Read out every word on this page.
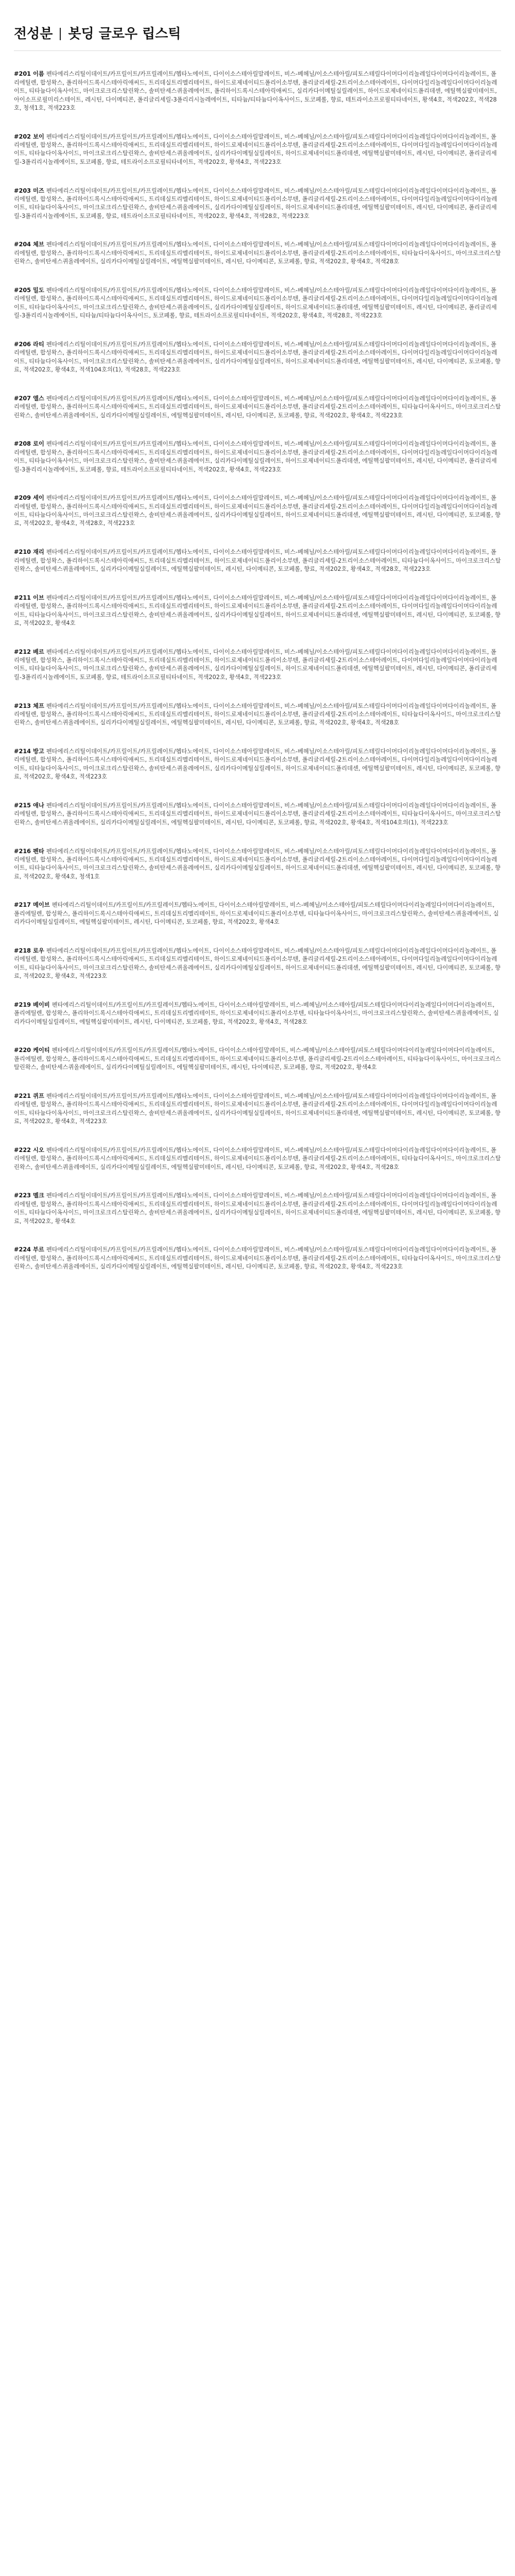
전성분 봇딩 글로우 립스틱

#201 이름 펜타에리스리틸이데이트/카프릴이트/카프릴레이트/헵타노에이트, 다이이소스테아릴말레이트, 비스-베헤닐/이소스테아릴/피토스테릴다이머다이리놀레일다이머다이리놀레이트, 폴리에틸렌, 합성왁스, 폴리하이드록시스테아릭애씨드, 트리데실트리멜리테이트, 하이드로제네이티드폴리이소부텐, 폴리글리세릴-2트리이소스테아레이트, 다이머다일리놀레일다이머다이리놀레이트, 티타늄다이옥사이드, 마이크로크리스탈린왁스, 솔비탄세스퀴올레에이트, 폴리하이드록시스테아릭애씨드, 실리카다이메틸실릴레이트, 하이드로제네이티드폴리데센, 에틸헥실팔미테이트, 아이소프로필미리스테이트, 레시틴, 다이메티콘, 폴리글리세릴-3폴리리시놀레에이트, 티타늄/티타늄다이옥사이드, 토코페롤, 향료, 테트라이소프로필티타네이트, 황색4호, 적색202호, 적색28호, 청색1호, 적색223호

#202 보이 펜타에리스리틸이데이트/카프릴이트/카프릴레이트/헵타노에이트, 다이이소스테아릴말레이트, 비스-베헤닐/이소스테아릴/피토스테릴다이머다이리놀레일다이머다이리놀레이트, 폴리에틸렌, 합성왁스, 폴리하이드록시스테아릭애씨드, 트리데실트리멜리테이트, 하이드로제네이티드폴리이소부텐, 폴리글리세릴-2트리이소스테아레이트, 다이머다일리놀레일다이머다이리놀레이트, 티타늄다이옥사이드, 마이크로크리스탈린왁스, 솔비탄세스퀴올레에이트, 실리카다이메틸실릴레이트, 하이드로제네이티드폴리데센, 에틸헥실팔미테이트, 레시틴, 다이메티콘, 폴리글리세릴-3폴리리시놀레에이트, 토코페롤, 향료, 테트라이소프로필티타네이트, 적색202호, 황색4호, 적색223호

#203 미즈 펜타에리스리틸이데이트/카프릴이트/카프릴레이트/헵타노에이트, 다이이소스테아릴말레이트, 비스-베헤닐/이소스테아릴/피토스테릴다이머다이리놀레일다이머다이리놀레이트, 폴리에틸렌, 합성왁스, 폴리하이드록시스테아릭애씨드, 트리데실트리멜리테이트, 하이드로제네이티드폴리이소부텐, 폴리글리세릴-2트리이소스테아레이트, 다이머다일리놀레일다이머다이리놀레이트, 티타늄다이옥사이드, 마이크로크리스탈린왁스, 솔비탄세스퀴올레에이트, 실리카다이메틸실릴레이트, 하이드로제네이티드폴리데센, 에틸헥실팔미테이트, 레시틴, 다이메티콘, 폴리글리세릴-3폴리리시놀레에이트, 토코페롤, 향료, 테트라이소프로필티타네이트, 적색202호, 황색4호, 적색28호, 적색223호

#204 체브 펜타에리스리틸이데이트/카프릴이트/카프릴레이트/헵타노에이트, 다이이소스테아릴말레이트, 비스-베헤닐/이소스테아릴/피토스테릴다이머다이리놀레일다이머다이리놀레이트, 폴리에틸렌, 합성왁스, 폴리하이드록시스테아릭애씨드, 트리데실트리멜리테이트, 하이드로제네이티드폴리이소부텐, 폴리글리세릴-2트리이소스테아레이트, 티타늄다이옥사이드, 마이크로크리스탈린왁스, 솔비탄세스퀴올레에이트, 실리카다이메틸실릴레이트, 에틸헥실팔미테이트, 레시틴, 다이메티콘, 토코페롤, 향료, 적색202호, 황색4호, 적색28호

#205 밀도 펜타에리스리틸이데이트/카프릴이트/카프릴레이트/헵타노에이트, 다이이소스테아릴말레이트, 비스-베헤닐/이소스테아릴/피토스테릴다이머다이리놀레일다이머다이리놀레이트, 폴리에틸렌, 합성왁스, 폴리하이드록시스테아릭애씨드, 트리데실트리멜리테이트, 하이드로제네이티드폴리이소부텐, 폴리글리세릴-2트리이소스테아레이트, 다이머다일리놀레일다이머다이리놀레이트, 티타늄다이옥사이드, 마이크로크리스탈린왁스, 솔비탄세스퀴올레에이트, 실리카다이메틸실릴레이트, 하이드로제네이티드폴리데센, 에틸헥실팔미테이트, 레시틴, 다이메티콘, 폴리글리세릴-3폴리리시놀레에이트, 티타늄/티타늄다이옥사이드, 토코페롤, 향료, 테트라이소프로필티타네이트, 적색202호, 황색4호, 적색28호, 적색223호

#206 라티 펜타에리스리틸이데이트/카프릴이트/카프릴레이트/헵타노에이트, 다이이소스테아릴말레이트, 비스-베헤닐/이소스테아릴/피토스테릴다이머다이리놀레일다이머다이리놀레이트, 폴리에틸렌, 합성왁스, 폴리하이드록시스테아릭애씨드, 트리데실트리멜리테이트, 하이드로제네이티드폴리이소부텐, 폴리글리세릴-2트리이소스테아레이트, 다이머다일리놀레일다이머다이리놀레이트, 티타늄다이옥사이드, 마이크로크리스탈린왁스, 솔비탄세스퀴올레에이트, 실리카다이메틸실릴레이트, 하이드로제네이티드폴리데센, 에틸헥실팔미테이트, 레시틴, 다이메티콘, 토코페롤, 향료, 적색202호, 황색4호, 적색104호의(1), 적색28호, 적색223호

#207 앨스 펜타에리스리틸이데이트/카프릴이트/카프릴레이트/헵타노에이트, 다이이소스테아릴말레이트, 비스-베헤닐/이소스테아릴/피토스테릴다이머다이리놀레일다이머다이리놀레이트, 폴리에틸렌, 합성왁스, 폴리하이드록시스테아릭애씨드, 트리데실트리멜리테이트, 하이드로제네이티드폴리이소부텐, 폴리글리세릴-2트리이소스테아레이트, 티타늄다이옥사이드, 마이크로크리스탈린왁스, 솔비탄세스퀴올레에이트, 실리카다이메틸실릴레이트, 에틸헥실팔미테이트, 레시틴, 다이메티콘, 토코페롤, 향료, 적색202호, 황색4호, 적색223호

#208 로이 펜타에리스리틸이데이트/카프릴이트/카프릴레이트/헵타노에이트, 다이이소스테아릴말레이트, 비스-베헤닐/이소스테아릴/피토스테릴다이머다이리놀레일다이머다이리놀레이트, 폴리에틸렌, 합성왁스, 폴리하이드록시스테아릭애씨드, 트리데실트리멜리테이트, 하이드로제네이티드폴리이소부텐, 폴리글리세릴-2트리이소스테아레이트, 다이머다일리놀레일다이머다이리놀레이트, 티타늄다이옥사이드, 마이크로크리스탈린왁스, 솔비탄세스퀴올레에이트, 실리카다이메틸실릴레이트, 하이드로제네이티드폴리데센, 에틸헥실팔미테이트, 레시틴, 다이메티콘, 폴리글리세릴-3폴리리시놀레에이트, 토코페롤, 향료, 테트라이소프로필티타네이트, 적색202호, 황색4호, 적색223호

#209 세이 펜타에리스리틸이데이트/카프릴이트/카프릴레이트/헵타노에이트, 다이이소스테아릴말레이트, 비스-베헤닐/이소스테아릴/피토스테릴다이머다이리놀레일다이머다이리놀레이트, 폴리에틸렌, 합성왁스, 폴리하이드록시스테아릭애씨드, 트리데실트리멜리테이트, 하이드로제네이티드폴리이소부텐, 폴리글리세릴-2트리이소스테아레이트, 다이머다일리놀레일다이머다이리놀레이트, 티타늄다이옥사이드, 마이크로크리스탈린왁스, 솔비탄세스퀴올레에이트, 실리카다이메틸실릴레이트, 하이드로제네이티드폴리데센, 에틸헥실팔미테이트, 레시틴, 다이메티콘, 토코페롤, 향료, 적색202호, 황색4호, 적색28호, 적색223호

#210 재리 펜타에리스리틸이데이트/카프릴이트/카프릴레이트/헵타노에이트, 다이이소스테아릴말레이트, 비스-베헤닐/이소스테아릴/피토스테릴다이머다이리놀레일다이머다이리놀레이트, 폴리에틸렌, 합성왁스, 폴리하이드록시스테아릭애씨드, 트리데실트리멜리테이트, 하이드로제네이티드폴리이소부텐, 폴리글리세릴-2트리이소스테아레이트, 티타늄다이옥사이드, 마이크로크리스탈린왁스, 솔비탄세스퀴올레에이트, 실리카다이메틸실릴레이트, 에틸헥실팔미테이트, 레시틴, 다이메티콘, 토코페롤, 향료, 적색202호, 황색4호, 적색28호, 적색223호

#211 이브 펜타에리스리틸이데이트/카프릴이트/카프릴레이트/헵타노에이트, 다이이소스테아릴말레이트, 비스-베헤닐/이소스테아릴/피토스테릴다이머다이리놀레일다이머다이리놀레이트, 폴리에틸렌, 합성왁스, 폴리하이드록시스테아릭애씨드, 트리데실트리멜리테이트, 하이드로제네이티드폴리이소부텐, 폴리글리세릴-2트리이소스테아레이트, 다이머다일리놀레일다이머다이리놀레이트, 티타늄다이옥사이드, 마이크로크리스탈린왁스, 솔비탄세스퀴올레에이트, 실리카다이메틸실릴레이트, 하이드로제네이티드폴리데센, 에틸헥실팔미테이트, 레시틴, 다이메티콘, 토코페롤, 향료, 적색202호, 황색4호

#212 베르 펜타에리스리틸이데이트/카프릴이트/카프릴레이트/헵타노에이트, 다이이소스테아릴말레이트, 비스-베헤닐/이소스테아릴/피토스테릴다이머다이리놀레일다이머다이리놀레이트, 폴리에틸렌, 합성왁스, 폴리하이드록시스테아릭애씨드, 트리데실트리멜리테이트, 하이드로제네이티드폴리이소부텐, 폴리글리세릴-2트리이소스테아레이트, 다이머다일리놀레일다이머다이리놀레이트, 티타늄다이옥사이드, 마이크로크리스탈린왁스, 솔비탄세스퀴올레에이트, 실리카다이메틸실릴레이트, 하이드로제네이티드폴리데센, 에틸헥실팔미테이트, 레시틴, 다이메티콘, 폴리글리세릴-3폴리리시놀레에이트, 토코페롤, 향료, 테트라이소프로필티타네이트, 적색202호, 황색4호, 적색223호

#213 체프 펜타에리스리틸이데이트/카프릴이트/카프릴레이트/헵타노에이트, 다이이소스테아릴말레이트, 비스-베헤닐/이소스테아릴/피토스테릴다이머다이리놀레일다이머다이리놀레이트, 폴리에틸렌, 합성왁스, 폴리하이드록시스테아릭애씨드, 트리데실트리멜리테이트, 하이드로제네이티드폴리이소부텐, 폴리글리세릴-2트리이소스테아레이트, 티타늄다이옥사이드, 마이크로크리스탈린왁스, 솔비탄세스퀴올레에이트, 실리카다이메틸실릴레이트, 에틸헥실팔미테이트, 레시틴, 다이메티콘, 토코페롤, 향료, 적색202호, 황색4호, 적색28호

#214 방고 펜타에리스리틸이데이트/카프릴이트/카프릴레이트/헵타노에이트, 다이이소스테아릴말레이트, 비스-베헤닐/이소스테아릴/피토스테릴다이머다이리놀레일다이머다이리놀레이트, 폴리에틸렌, 합성왁스, 폴리하이드록시스테아릭애씨드, 트리데실트리멜리테이트, 하이드로제네이티드폴리이소부텐, 폴리글리세릴-2트리이소스테아레이트, 다이머다일리놀레일다이머다이리놀레이트, 티타늄다이옥사이드, 마이크로크리스탈린왁스, 솔비탄세스퀴올레에이트, 실리카다이메틸실릴레이트, 하이드로제네이티드폴리데센, 에틸헥실팔미테이트, 레시틴, 다이메티콘, 토코페롤, 향료, 적색202호, 황색4호, 적색223호

#215 애나 펜타에리스리틸이데이트/카프릴이트/카프릴레이트/헵타노에이트, 다이이소스테아릴말레이트, 비스-베헤닐/이소스테아릴/피토스테릴다이머다이리놀레일다이머다이리놀레이트, 폴리에틸렌, 합성왁스, 폴리하이드록시스테아릭애씨드, 트리데실트리멜리테이트, 하이드로제네이티드폴리이소부텐, 폴리글리세릴-2트리이소스테아레이트, 티타늄다이옥사이드, 마이크로크리스탈린왁스, 솔비탄세스퀴올레에이트, 실리카다이메틸실릴레이트, 에틸헥실팔미테이트, 레시틴, 다이메티콘, 토코페롤, 향료, 적색202호, 황색4호, 적색104호의(1), 적색223호

#216 펜타 펜타에리스리틸이데이트/카프릴이트/카프릴레이트/헵타노에이트, 다이이소스테아릴말레이트, 비스-베헤닐/이소스테아릴/피토스테릴다이머다이리놀레일다이머다이리놀레이트, 폴리에틸렌, 합성왁스, 폴리하이드록시스테아릭애씨드, 트리데실트리멜리테이트, 하이드로제네이티드폴리이소부텐, 폴리글리세릴-2트리이소스테아레이트, 다이머다일리놀레일다이머다이리놀레이트, 티타늄다이옥사이드, 마이크로크리스탈린왁스, 솔비탄세스퀴올레에이트, 실리카다이메틸실릴레이트, 하이드로제네이티드폴리데센, 에틸헥실팔미테이트, 레시틴, 다이메티콘, 토코페롤, 향료, 적색202호, 황색4호, 청색1호

#217 메이브 펜타에리스리틸이데이트/카프릴이트/카프릴레이트/헵타노에이트, 다이이소스테아릴말레이트, 비스-베헤닐/이소스테아릴/피토스테릴다이머다이리놀레일다이머다이리놀레이트, 폴리에틸렌, 합성왁스, 폴리하이드록시스테아릭애씨드, 트리데실트리멜리테이트, 하이드로제네이티드폴리이소부텐, 티타늄다이옥사이드, 마이크로크리스탈린왁스, 솔비탄세스퀴올레에이트, 실리카다이메틸실릴레이트, 에틸헥실팔미테이트, 레시틴, 다이메티콘, 토코페롤, 향료, 적색202호, 황색4호

#218 로우 펜타에리스리틸이데이트/카프릴이트/카프릴레이트/헵타노에이트, 다이이소스테아릴말레이트, 비스-베헤닐/이소스테아릴/피토스테릴다이머다이리놀레일다이머다이리놀레이트, 폴리에틸렌, 합성왁스, 폴리하이드록시스테아릭애씨드, 트리데실트리멜리테이트, 하이드로제네이티드폴리이소부텐, 폴리글리세릴-2트리이소스테아레이트, 다이머다일리놀레일다이머다이리놀레이트, 티타늄다이옥사이드, 마이크로크리스탈린왁스, 솔비탄세스퀴올레에이트, 실리카다이메틸실릴레이트, 하이드로제네이티드폴리데센, 에틸헥실팔미테이트, 레시틴, 다이메티콘, 토코페롤, 향료, 적색202호, 황색4호, 적색223호

#219 베이비 펜타에리스리틸이데이트/카프릴이트/카프릴레이트/헵타노에이트, 다이이소스테아릴말레이트, 비스-베헤닐/이소스테아릴/피토스테릴다이머다이리놀레일다이머다이리놀레이트, 폴리에틸렌, 합성왁스, 폴리하이드록시스테아릭애씨드, 트리데실트리멜리테이트, 하이드로제네이티드폴리이소부텐, 티타늄다이옥사이드, 마이크로크리스탈린왁스, 솔비탄세스퀴올레에이트, 실리카다이메틸실릴레이트, 에틸헥실팔미테이트, 레시틴, 다이메티콘, 토코페롤, 향료, 적색202호, 황색4호, 적색28호

#220 케이티 펜타에리스리틸이데이트/카프릴이트/카프릴레이트/헵타노에이트, 다이이소스테아릴말레이트, 비스-베헤닐/이소스테아릴/피토스테릴다이머다이리놀레일다이머다이리놀레이트, 폴리에틸렌, 합성왁스, 폴리하이드록시스테아릭애씨드, 트리데실트리멜리테이트, 하이드로제네이티드폴리이소부텐, 폴리글리세릴-2트리이소스테아레이트, 티타늄다이옥사이드, 마이크로크리스탈린왁스, 솔비탄세스퀴올레에이트, 실리카다이메틸실릴레이트, 에틸헥실팔미테이트, 레시틴, 다이메티콘, 토코페롤, 향료, 적색202호, 황색4호

#221 퀴프 펜타에리스리틸이데이트/카프릴이트/카프릴레이트/헵타노에이트, 다이이소스테아릴말레이트, 비스-베헤닐/이소스테아릴/피토스테릴다이머다이리놀레일다이머다이리놀레이트, 폴리에틸렌, 합성왁스, 폴리하이드록시스테아릭애씨드, 트리데실트리멜리테이트, 하이드로제네이티드폴리이소부텐, 폴리글리세릴-2트리이소스테아레이트, 다이머다일리놀레일다이머다이리놀레이트, 티타늄다이옥사이드, 마이크로크리스탈린왁스, 솔비탄세스퀴올레에이트, 실리카다이메틸실릴레이트, 하이드로제네이티드폴리데센, 에틸헥실팔미테이트, 레시틴, 다이메티콘, 토코페롤, 향료, 적색202호, 황색4호, 적색223호

#222 시오 펜타에리스리틸이데이트/카프릴이트/카프릴레이트/헵타노에이트, 다이이소스테아릴말레이트, 비스-베헤닐/이소스테아릴/피토스테릴다이머다이리놀레일다이머다이리놀레이트, 폴리에틸렌, 합성왁스, 폴리하이드록시스테아릭애씨드, 트리데실트리멜리테이트, 하이드로제네이티드폴리이소부텐, 폴리글리세릴-2트리이소스테아레이트, 티타늄다이옥사이드, 마이크로크리스탈린왁스, 솔비탄세스퀴올레에이트, 실리카다이메틸실릴레이트, 에틸헥실팔미테이트, 레시틴, 다이메티콘, 토코페롤, 향료, 적색202호, 황색4호, 적색28호

#223 멜크 펜타에리스리틸이데이트/카프릴이트/카프릴레이트/헵타노에이트, 다이이소스테아릴말레이트, 비스-베헤닐/이소스테아릴/피토스테릴다이머다이리놀레일다이머다이리놀레이트, 폴리에틸렌, 합성왁스, 폴리하이드록시스테아릭애씨드, 트리데실트리멜리테이트, 하이드로제네이티드폴리이소부텐, 폴리글리세릴-2트리이소스테아레이트, 다이머다일리놀레일다이머다이리놀레이트, 티타늄다이옥사이드, 마이크로크리스탈린왁스, 솔비탄세스퀴올레에이트, 실리카다이메틸실릴레이트, 하이드로제네이티드폴리데센, 에틸헥실팔미테이트, 레시틴, 다이메티콘, 토코페롤, 향료, 적색202호, 황색4호

#224 부르 펜타에리스리틸이데이트/카프릴이트/카프릴레이트/헵타노에이트, 다이이소스테아릴말레이트, 비스-베헤닐/이소스테아릴/피토스테릴다이머다이리놀레일다이머다이리놀레이트, 폴리에틸렌, 합성왁스, 폴리하이드록시스테아릭애씨드, 트리데실트리멜리테이트, 하이드로제네이티드폴리이소부텐, 폴리글리세릴-2트리이소스테아레이트, 티타늄다이옥사이드, 마이크로크리스탈린왁스, 솔비탄세스퀴올레에이트, 실리카다이메틸실릴레이트, 에틸헥실팔미테이트, 레시틴, 다이메티콘, 토코페롤, 향료, 적색202호, 황색4호, 적색223호
